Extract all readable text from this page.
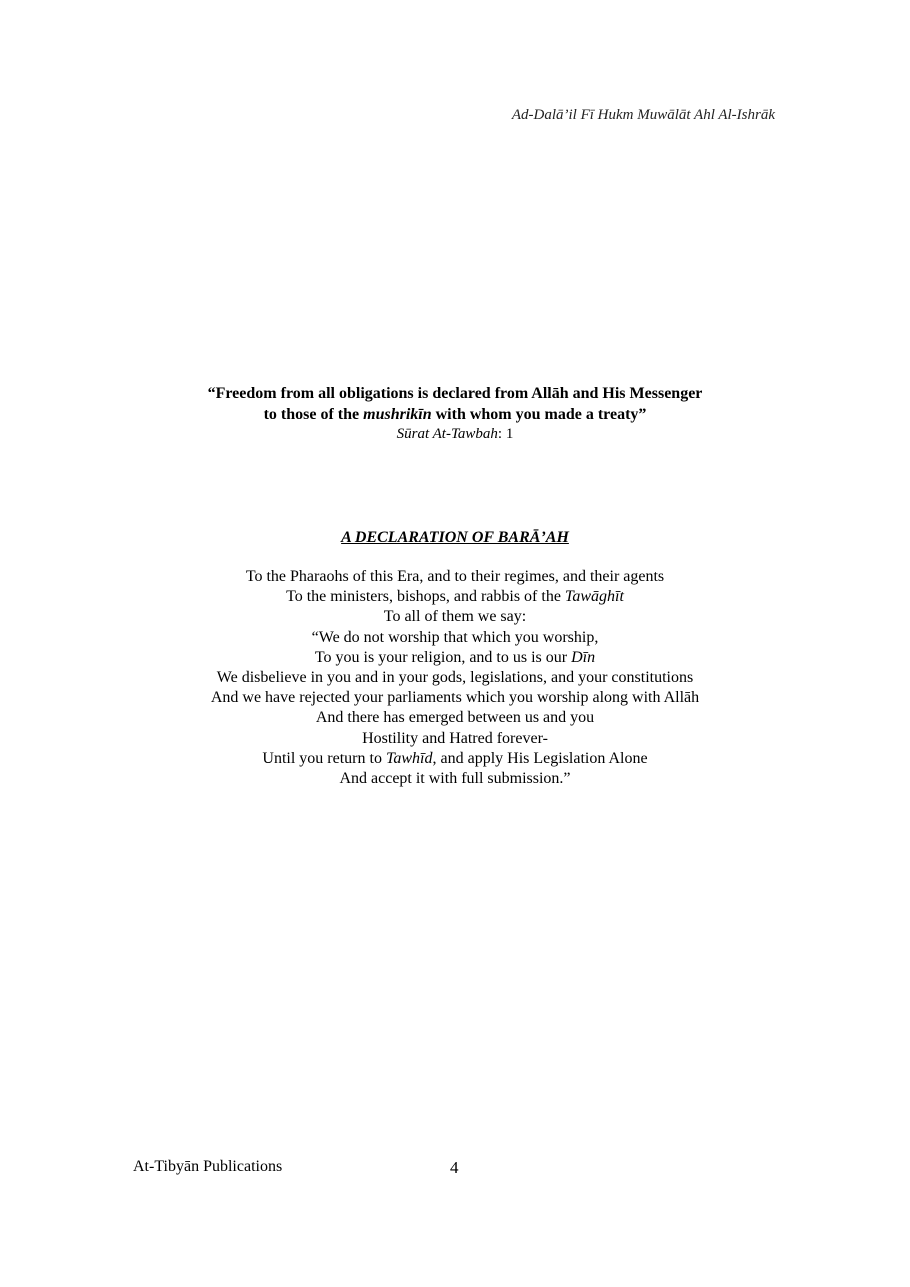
Ad-Dalā’il Fī Hukm Muwālāt Ahl Al-Ishrāk
“Freedom from all obligations is declared from Allāh and His Messenger
to those of the mushrikīn with whom you made a treaty”
Sūrat At-Tawbah: 1
A DECLARATION OF BARĀ’AH
To the Pharaohs of this Era, and to their regimes, and their agents
To the ministers, bishops, and rabbis of the Tawāghīt
To all of them we say:
“We do not worship that which you worship,
To you is your religion, and to us is our Dīn
We disbelieve in you and in your gods, legislations, and your constitutions
And we have rejected your parliaments which you worship along with Allāh
And there has emerged between us and you
Hostility and Hatred forever-
Until you return to Tawhīd, and apply His Legislation Alone
And accept it with full submission.”
At-Tibyān Publications	4
